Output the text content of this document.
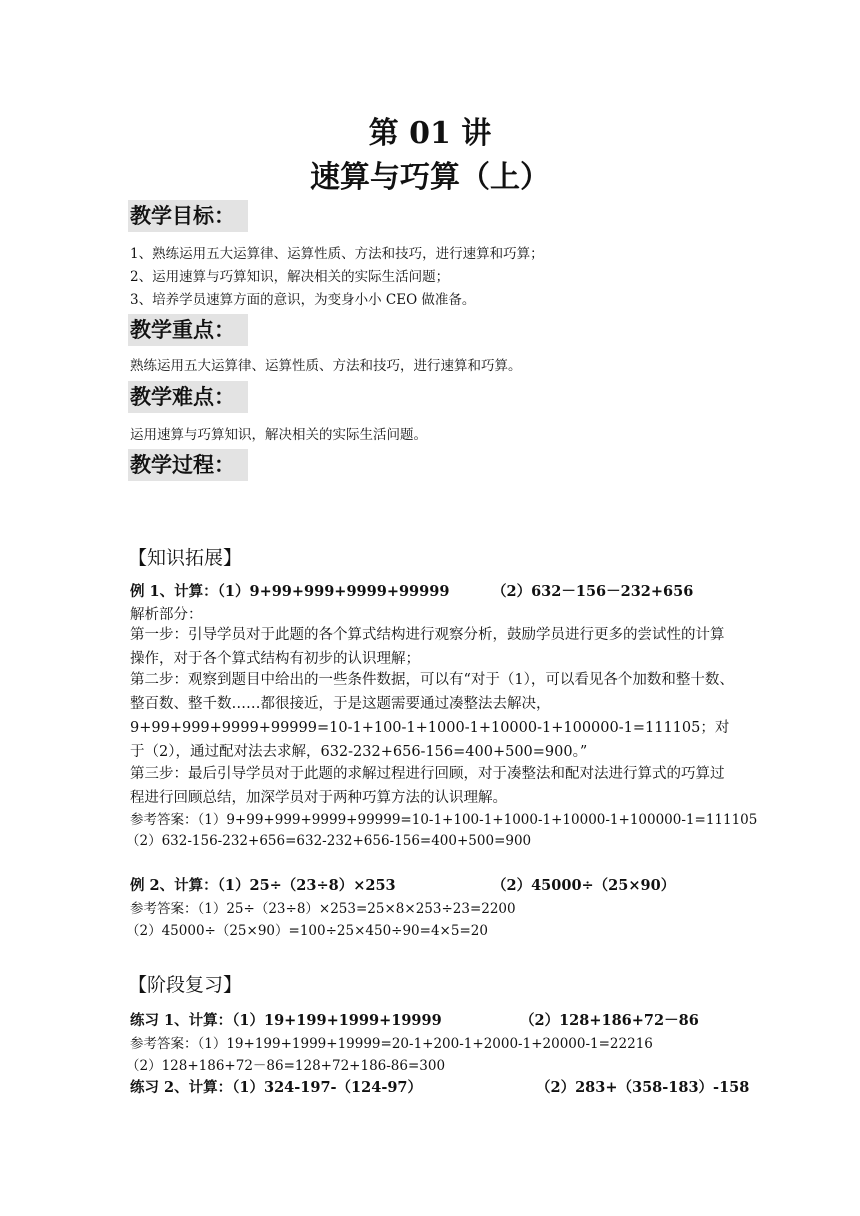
第 01 讲
速算与巧算（上）
教学目标：
1、熟练运用五大运算律、运算性质、方法和技巧，进行速算和巧算；
2、运用速算与巧算知识，解决相关的实际生活问题；
3、培养学员速算方面的意识，为变身小小 CEO 做准备。
教学重点：
熟练运用五大运算律、运算性质、方法和技巧，进行速算和巧算。
教学难点：
运用速算与巧算知识，解决相关的实际生活问题。
教学过程：
【知识拓展】
例 1、计算：（1）9+99+999+9999+99999	（2）632－156－232+656
解析部分：
第一步：引导学员对于此题的各个算式结构进行观察分析，鼓励学员进行更多的尝试性的计算操作，对于各个算式结构有初步的认识理解；
第二步：观察到题目中给出的一些条件数据，可以有“对于（1），可以看见各个加数和整十数、整百数、整千数……都很接近，于是这题需要通过凑整法去解决，9+99+999+9999+99999=10-1+100-1+1000-1+10000-1+100000-1=111105；对于（2），通过配对法去求解，632-232+656-156=400+500=900。”
第三步：最后引导学员对于此题的求解过程进行回顾，对于凑整法和配对法进行算式的巧算过程进行回顾总结，加深学员对于两种巧算方法的认识理解。
参考答案：（1）9+99+999+9999+99999=10-1+100-1+1000-1+10000-1+100000-1=111105
（2）632-156-232+656=632-232+656-156=400+500=900
例 2、计算：（1）25÷（23÷8）×253	（2）45000÷（25×90）
参考答案：（1）25÷（23÷8）×253=25×8×253÷23=2200
（2）45000÷（25×90）=100÷25×450÷90=4×5=20
【阶段复习】
练习 1、计算：（1）19+199+1999+19999	（2）128+186+72－86
参考答案：（1）19+199+1999+19999=20-1+200-1+2000-1+20000-1=22216
（2）128+186+72－86=128+72+186-86=300
练习 2、计算：（1）324-197-（124-97）	（2）283+（358-183）-158
